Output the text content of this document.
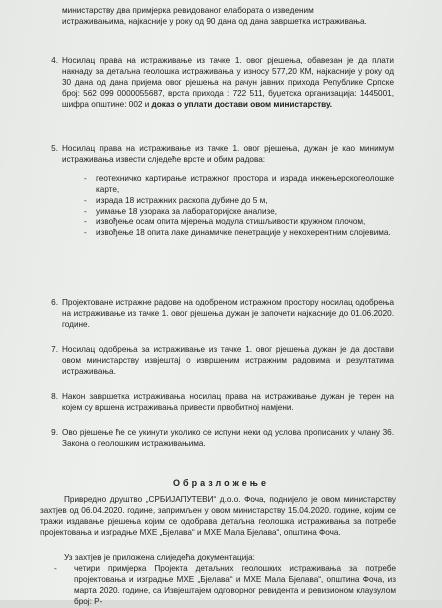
министарству два примјерка ревидованог елабората о изведеним
истраживањима, најкасније у року од 90 дана од дана завршетка истраживања.
4. Носилац права на истраживање из тачке 1. овог рјешења, обавезан је да плати накнаду за детаљна геолошка истраживања у износу 577,20 КМ, најкасније у року од 30 дана од дана пријема овог рјешења на рачун јавних прихода Републике Српске број: 562 099 0000055687, врста прихода : 722 511, буџетска организација: 1445001, шифра општине: 002 и доказ о уплати достави овом министарству.
5. Носилац права на истраживање из тачке 1. овог рјешења, дужан је као минимум истраживања извести слједеће врсте и обим радова:
- геотехничко картирање истражног простора и израда инжењерскогеолошке карте,
- израда 18 истражних раскопа дубине до 5 м,
- уимање 18 узорака за лабораторијске анализе,
- извођење осам опита мјерења модула стишљивости кружном плочом,
- извођење 18 опита лаке динамичке пенетрације у некохерентним слојевима.
6. Пројектоване истражне радове на одобреном истражном простору носилац одобрења на истраживање из тачке 1. овог рјешења дужан је започети најкасније до 01.06.2020. године.
7. Носилац одобрења за истраживање из тачке 1. овог рјешења дужан је да достави овом министарству извјештај о извршеним истражним радовима и резултатима истраживања.
8. Након завршетка истраживања носилац права на истраживање дужан је терен на којем су вршена истраживања привести првобитној намјени.
9. Ово рјешење ће се укинути уколико се испуни неки од услова прописаних у члану 36. Закона о геолошким истраживањима.
Образложење
Привредно друштво „СРБИЈАПУТЕВИ“ д.о.о. Фоча, поднијело је овом министарству захтјев од 06.04.2020. године, запримљен у овом министарству 15.04.2020. године, којим се тражи издавање рјешења којим се одобрава детаљна геолошка истраживања за потребе пројектовања и изградње МХЕ „Бјелава“ и МХЕ Мала Бјелава“, општина Фоча.
Уз захтјев је приложена слиједећа документација:
- четири примјерка Пројекта детаљних геолошких истраживања за потребе пројектовања и изградње МХЕ „Бјелава“ и МХЕ Мала Бјелава“, општина Фоча, из марта 2020. године, са Извјештајем одговорног ревидента и ревизионом клаузулом број: Р-
